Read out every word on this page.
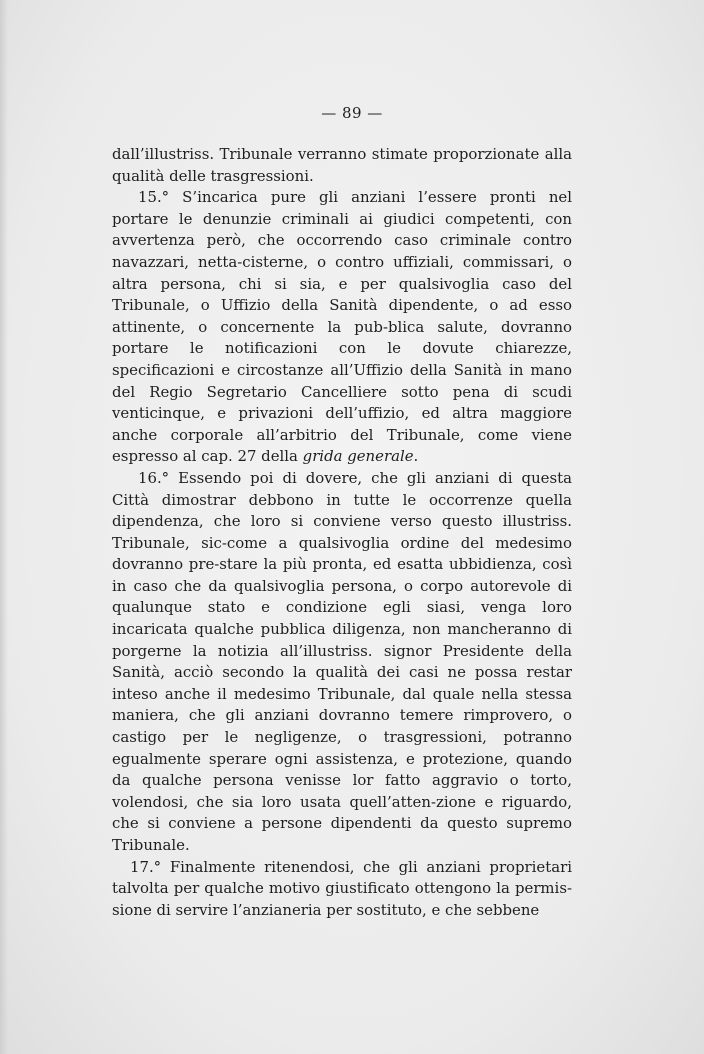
— 89 —

dall’illustriss. Tribunale verranno stimate proporzionate alla qualità delle trasgressioni.

15.° S’incarica pure gli anziani l’essere pronti nel portare le denunzie criminali ai giudici competenti, con avvertenza però, che occorrendo caso criminale contro navazzari, netta-cisterne, o contro uffiziali, commissari, o altra persona, chi si sia, e per qualsivoglia caso del Tribunale, o Uffizio della Sanità dipendente, o ad esso attinente, o concernente la pub-blica salute, dovranno portare le notificazioni con le dovute chiarezze, specificazioni e circostanze all’Uffizio della Sanità in mano del Regio Segretario Cancelliere sotto pena di scudi venticinque, e privazioni dell’uffizio, ed altra maggiore anche corporale all’arbitrio del Tribunale, come viene espresso al cap. 27 della grida generale.

16.° Essendo poi di dovere, che gli anziani di questa Città dimostrar debbono in tutte le occorrenze quella dipendenza, che loro si conviene verso questo illustriss. Tribunale, sic-come a qualsivoglia ordine del medesimo dovranno pre-stare la più pronta, ed esatta ubbidienza, così in caso che da qualsivoglia persona, o corpo autorevole di qualunque stato e condizione egli siasi, venga loro incaricata qualche pubblica diligenza, non mancheranno di porgerne la notizia all’illustriss. signor Presidente della Sanità, acciò secondo la qualità dei casi ne possa restar inteso anche il medesimo Tribunale, dal quale nella stessa maniera, che gli anziani dovranno temere rimprovero, o castigo per le negligenze, o trasgressioni, potranno egualmente sperare ogni assistenza, e protezione, quando da qualche persona venisse lor fatto aggravio o torto, volendosi, che sia loro usata quell’atten-zione e riguardo, che si conviene a persone dipendenti da questo supremo Tribunale.

17.° Finalmente ritenendosi, che gli anziani proprietari talvolta per qualche motivo giustificato ottengono la permis-sione di servire l’anzianeria per sostituto, e che sebbene
